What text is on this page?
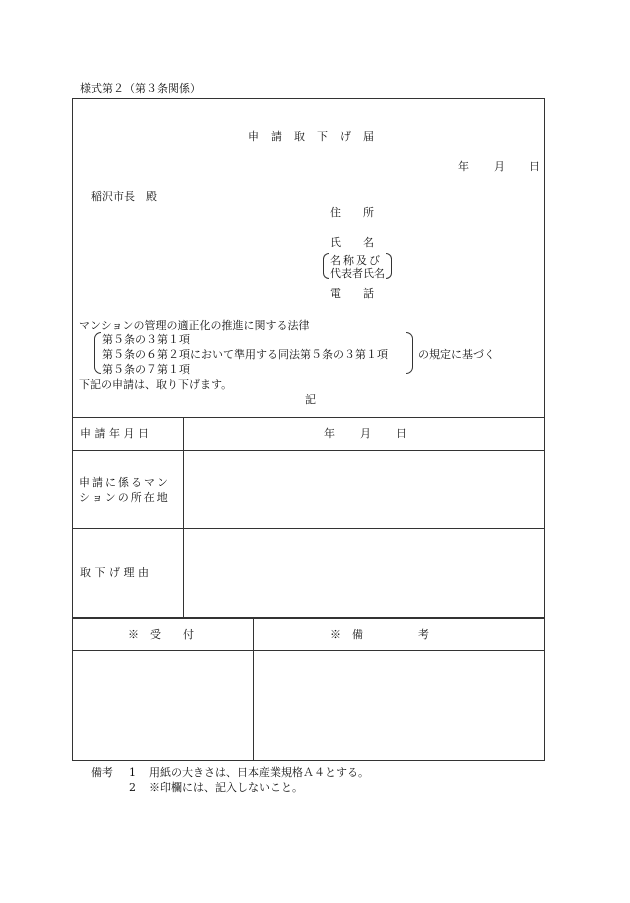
様式第２（第３条関係）
申請取下げ届
年 月 日
稲沢市長　殿
住　　所
氏　　名
名称及び
代表者氏名
電　　話
マンションの管理の適正化の推進に関する法律
第５条の３第１項
第５条の６第２項において準用する同法第５条の３第１項
第５条の７第１項
の規定に基づく
下記の申請は、取り下げます。
記
申 請 年 月 日	年　　月　　日
申請に係るマン
ションの所在地
取 下 げ 理 由
※　受　　付	※　備　　　　　考
備考 1 用紙の大きさは、日本産業規格Ａ４とする。
2 ※印欄には、記入しないこと。
